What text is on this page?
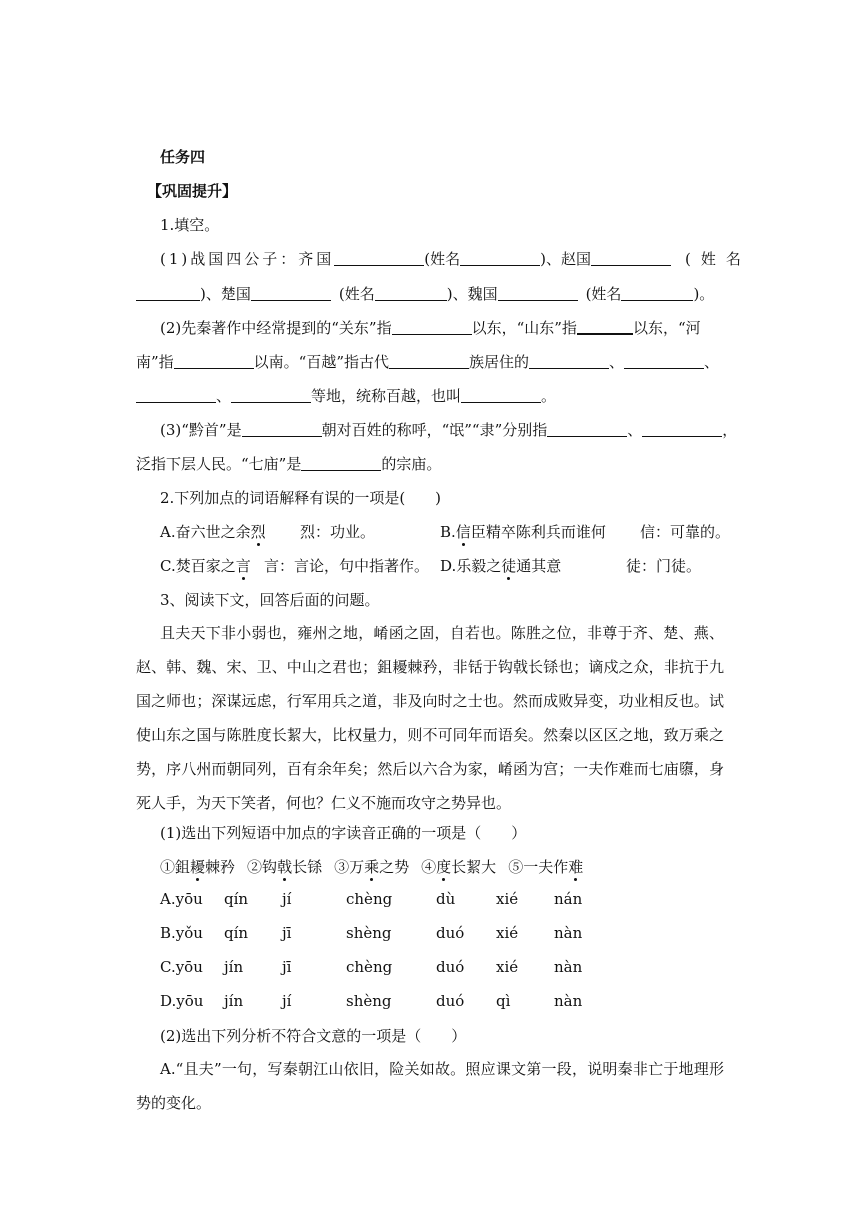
任务四
【巩固提升】
1.填空。
(1)战国四公子：齐国	(姓名	)、赵国	(姓名
)、楚国	(姓名	)、魏国	(姓名	)。
(2)先秦著作中经常提到的“关东”指	以东，“山东”指	以东，“河
南”指	以南。“百越”指古代	族居住的	、	、
、	等地，统称百越，也叫	。
(3)“黔首”是	朝对百姓的称呼，“氓”“隶”分别指	、	，
泛指下层人民。“七庙”是	的宗庙。
2.下列加点的词语解释有误的一项是(　　)
A.奋六世之余烈 烈：功业。	B.信臣精卒陈利兵而谁何 信：可靠的。
C.焚百家之言 言：言论，句中指著作。 D.乐毅之徒通其意	徒：门徒。
3、阅读下文，回答后面的问题。
且夫天下非小弱也，雍州之地，崤函之固，自若也。陈胜之位，非尊于齐、楚、燕、赵、韩、魏、宋、卫、中山之君也；鉏耰棘矜，非铦于钩戟长铩也；谪戍之众，非抗于九国之师也；深谋远虑，行军用兵之道，非及向时之士也。然而成败异变，功业相反也。试使山东之国与陈胜度长絜大，比权量力，则不可同年而语矣。然秦以区区之地，致万乘之势，序八州而朝同列，百有余年矣；然后以六合为家，崤函为宫；一夫作难而七庙隳，身死人手，为天下笑者，何也？仁义不施而攻守之势异也。
(1)选出下列短语中加点的字读音正确的一项是（　　）
①鉏耰棘矜 ②钩戟长铩 ③万乘之势 ④度长絜大 ⑤一夫作难
A.yōu qín jí	chèng	dù	xié nán
B.yǒu qín jī	shèng	duó xié nàn
C.yōu jín	jī	chèng	duó xié nàn
D.yōu jín	jí	shèng	duó qì	nàn
(2)选出下列分析不符合文意的一项是（　　）
A.“且夫”一句，写秦朝江山依旧，险关如故。照应课文第一段，说明秦非亡于地理形势的变化。
